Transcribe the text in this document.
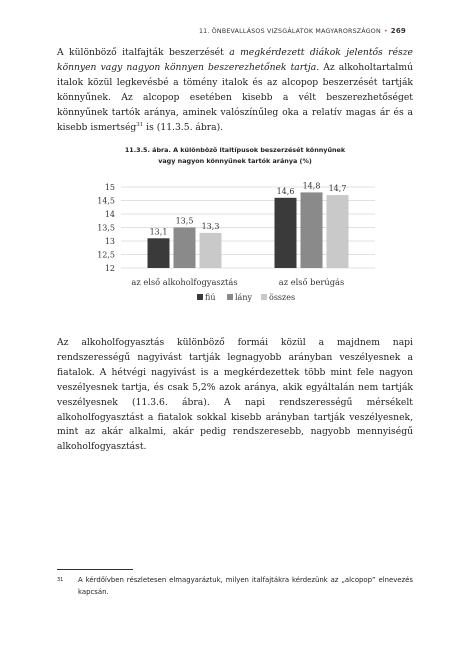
11. ÖNBEVALLÁSOS VIZSGÁLATOK MAGYARORSZÁGON • 269

A különböző italfajták beszerzését a megkérdezett diákok jelentős része könnyen vagy nagyon könnyen beszerezhetőnek tartja. Az alkoholtartalmú italok közül legkevésbé a tömény italok és az alcopop beszerzését tartják könnyűnek. Az alcopop esetében kisebb a vélt beszerezhetőséget könnyűnek tartók aránya, aminek valószínűleg oka a relatív magas ár és a kisebb ismertség$^{31}$ is (11.3.5. ábra).

11.3.5. ábra. A különböző italtípusok beszerzését könnyűnek
vagy nagyon könnyűnek tartók aránya (%)
15
14,5
14
13,5
13
12,5
12
13,1
13,5
13,3
az első alkoholfogyasztás
14,6
14,8 14,7
az első berúgás
fiú lány összes

Az alkoholfogyasztás különböző formái közül a majdnem napi rendszerességű nagyivást tartják legnagyobb arányban veszélyesnek a fiatalok. A hétvégi nagyivást is a megkérdezettek több mint fele nagyon veszélyesnek tartja, és csak 5,2% azok aránya, akik egyáltalán nem tartják veszélyesnek (11.3.6. ábra). A napi rendszerességű mérsékelt alkoholfogyasztást a fiatalok sokkal kisebb arányban tartják veszélyesnek, mint az akár alkalmi, akár pedig rendszeresebb, nagyobb mennyiségű alkoholfogyasztást.

31	A kérdőívben részletesen elmagyaráztuk, milyen italfajtákra kérdezünk az „alcopop” elnevezés kapcsán.
